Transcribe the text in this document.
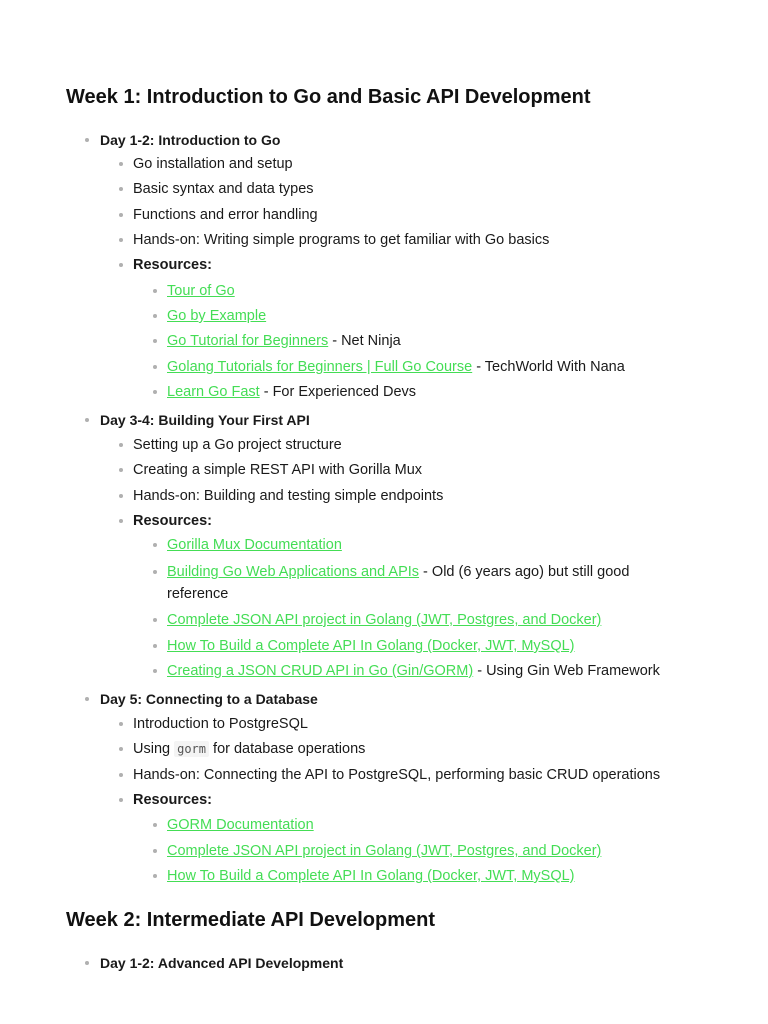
Week 1: Introduction to Go and Basic API Development
Day 1-2: Introduction to Go
Go installation and setup
Basic syntax and data types
Functions and error handling
Hands-on: Writing simple programs to get familiar with Go basics
Resources:
Tour of Go
Go by Example
Go Tutorial for Beginners - Net Ninja
Golang Tutorials for Beginners | Full Go Course - TechWorld With Nana
Learn Go Fast - For Experienced Devs
Day 3-4: Building Your First API
Setting up a Go project structure
Creating a simple REST API with Gorilla Mux
Hands-on: Building and testing simple endpoints
Resources:
Gorilla Mux Documentation
Building Go Web Applications and APIs - Old (6 years ago) but still good
reference
Complete JSON API project in Golang (JWT, Postgres, and Docker)
How To Build a Complete API In Golang (Docker, JWT, MySQL)
Creating a JSON CRUD API in Go (Gin/GORM) - Using Gin Web Framework
Day 5: Connecting to a Database
Introduction to PostgreSQL
Using gorm for database operations
Hands-on: Connecting the API to PostgreSQL, performing basic CRUD operations
Resources:
GORM Documentation
Complete JSON API project in Golang (JWT, Postgres, and Docker)
How To Build a Complete API In Golang (Docker, JWT, MySQL)
Week 2: Intermediate API Development
Day 1-2: Advanced API Development
